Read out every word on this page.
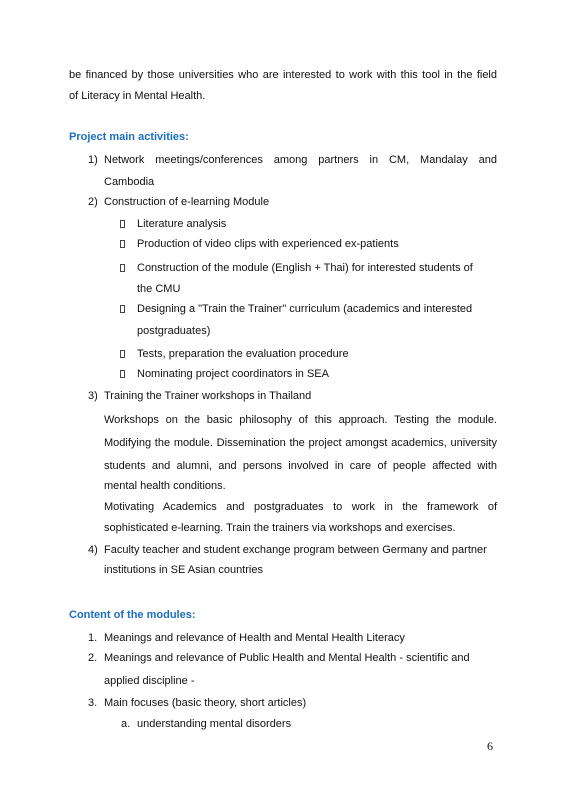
be financed by those universities who are interested to work with this tool in the field
of Literacy in Mental Health.
Project main activities:
1) Network meetings/conferences among partners in CM, Mandalay and
Cambodia
2) Construction of e-learning Module
Literature analysis
Production of video clips with experienced ex-patients
Construction of the module (English + Thai) for interested students of
the CMU
Designing a "Train the Trainer" curriculum (academics and interested
postgraduates)
Tests, preparation the evaluation procedure
Nominating project coordinators in SEA
3) Training the Trainer workshops in Thailand
Workshops on the basic philosophy of this approach. Testing the module.
Modifying the module. Dissemination the project amongst academics, university
students and alumni, and persons involved in care of people affected with
mental health conditions.
Motivating Academics and postgraduates to work in the framework of
sophisticated e-learning. Train the trainers via workshops and exercises.
4) Faculty teacher and student exchange program between Germany and partner
institutions in SE Asian countries
Content of the modules:
1. Meanings and relevance of Health and Mental Health Literacy
2. Meanings and relevance of Public Health and Mental Health - scientific and
applied discipline -
3. Main focuses (basic theory, short articles)
a. understanding mental disorders
6
